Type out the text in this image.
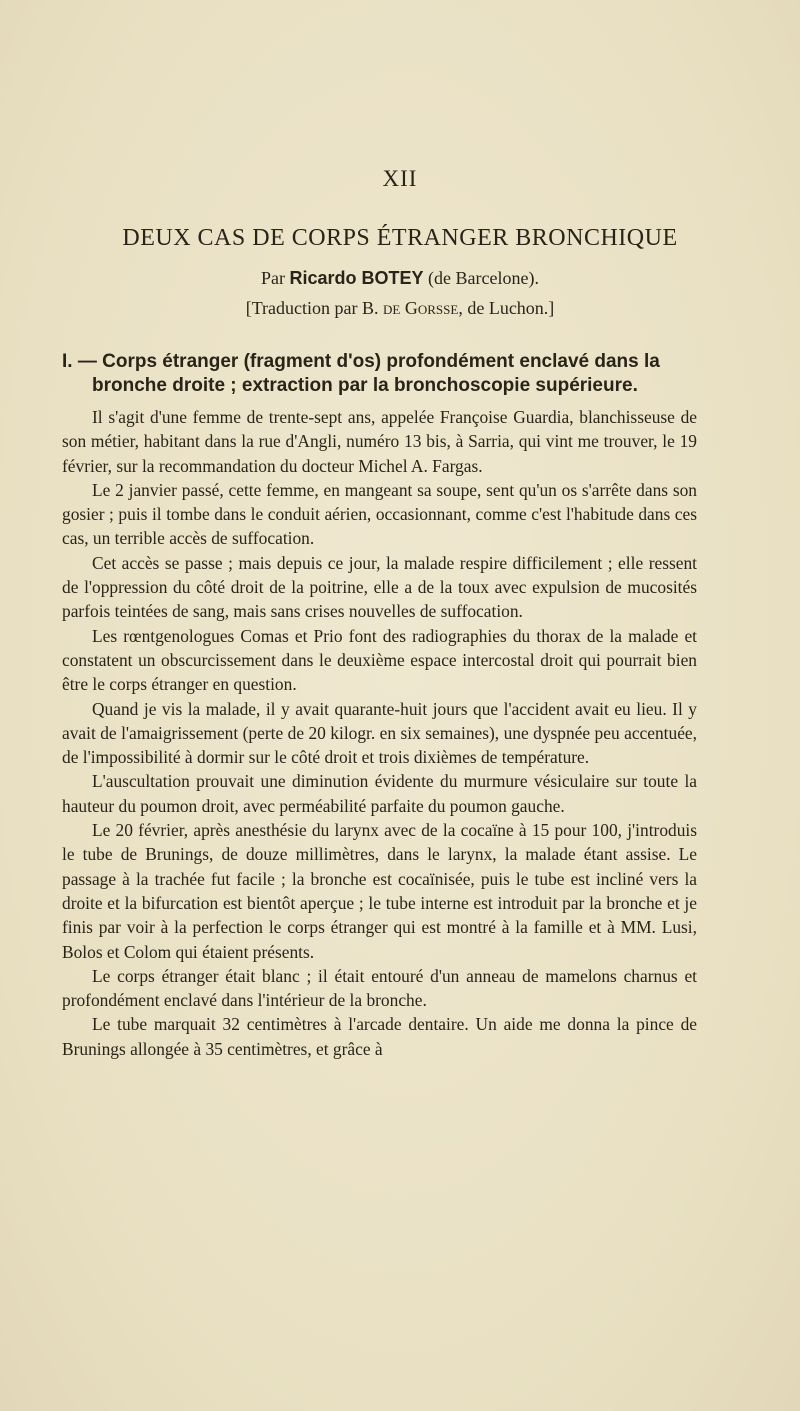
XII
DEUX CAS DE CORPS ÉTRANGER BRONCHIQUE
Par Ricardo BOTEY (de Barcelone).
[Traduction par B. de Gorsse, de Luchon.]
I. — Corps étranger (fragment d'os) profondément enclavé dans la
bronche droite ; extraction par la bronchoscopie supérieure.

Il s'agit d'une femme de trente-sept ans, appelée Françoise Guardia, blanchisseuse de son métier, habitant dans la rue d'Angli, numéro 13 bis, à Sarria, qui vint me trouver, le 19 février, sur la recommandation du docteur Michel A. Fargas.

Le 2 janvier passé, cette femme, en mangeant sa soupe, sent qu'un os s'arrête dans son gosier ; puis il tombe dans le conduit aérien, occasionnant, comme c'est l'habitude dans ces cas, un terrible accès de suffocation.

Cet accès se passe ; mais depuis ce jour, la malade respire difficilement ; elle ressent de l'oppression du côté droit de la poitrine, elle a de la toux avec expulsion de mucosités parfois teintées de sang, mais sans crises nouvelles de suffocation.

Les rœntgenologues Comas et Prio font des radiographies du thorax de la malade et constatent un obscurcissement dans le deuxième espace intercostal droit qui pourrait bien être le corps étranger en question.

Quand je vis la malade, il y avait quarante-huit jours que l'accident avait eu lieu. Il y avait de l'amaigrissement (perte de 20 kilogr. en six semaines), une dyspnée peu accentuée, de l'impossibilité à dormir sur le côté droit et trois dixièmes de température.

L'auscultation prouvait une diminution évidente du murmure vésiculaire sur toute la hauteur du poumon droit, avec perméabilité parfaite du poumon gauche.

Le 20 février, après anesthésie du larynx avec de la cocaïne à 15 pour 100, j'introduis le tube de Brunings, de douze millimètres, dans le larynx, la malade étant assise. Le passage à la trachée fut facile ; la bronche est cocaïnisée, puis le tube est incliné vers la droite et la bifurcation est bientôt aperçue ; le tube interne est introduit par la bronche et je finis par voir à la perfection le corps étranger qui est montré à la famille et à MM. Lusi, Bolos et Colom qui étaient présents.

Le corps étranger était blanc ; il était entouré d'un anneau de mamelons charnus et profondément enclavé dans l'intérieur de la bronche.

Le tube marquait 32 centimètres à l'arcade dentaire. Un aide me donna la pince de Brunings allongée à 35 centimètres, et grâce à
